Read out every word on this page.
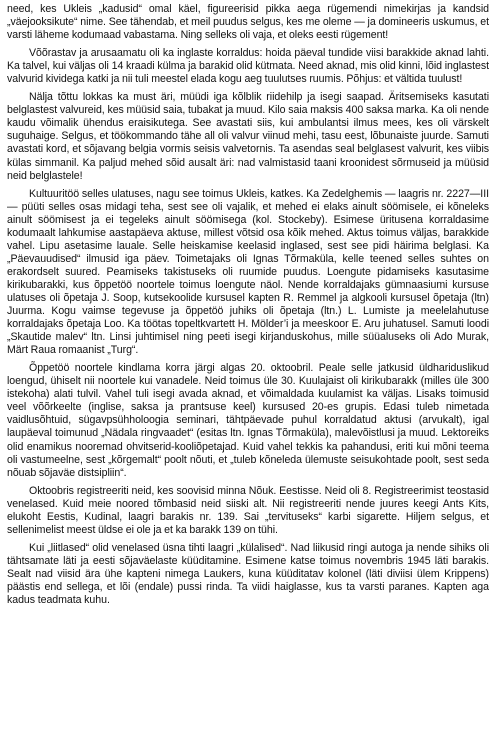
need, kes Ukleis „kadusid“ omal käel, figureerisid pikka aega rügemendi nimekirjas ja kandsid „väejooksikute“ nime. See tähendab, et meil puudus selgus, kes me oleme — ja domineeris uskumus, et varsti läheme kodumaad vabastama. Ning selleks oli vaja, et oleks eesti rügement!

Võõrastav ja arusaamatu oli ka inglaste korraldus: hoida päeval tundide viisi barakkide aknad lahti. Ka talvel, kui väljas oli 14 kraadi külma ja barakid olid kütmata. Need aknad, mis olid kinni, lõid inglastest valvurid kividega katki ja nii tuli meestel elada kogu aeg tuulutses ruumis. Põhjus: et vältida tuulust!

Nälja tõttu lokkas ka must äri, müüdi iga kõlblik riidehilp ja isegi saapad. Äritsemiseks kasutati belglastest valvureid, kes müüsid saia, tubakat ja muud. Kilo saia maksis 400 saksa marka. Ka oli nende kaudu võimalik ühendus eraisikutega. See avastati siis, kui ambulantsi ilmus mees, kes oli värskelt suguhaige. Selgus, et töökommando tähe all oli valvur viinud mehi, tasu eest, lõbunaiste juurde. Samuti avastati kord, et sõjavang belgia vormis seisis valvetornis. Ta asendas seal belglasest valvurit, kes viibis külas simmanil. Ka paljud mehed sõid ausalt äri: nad valmistasid taani kroonidest sõrmuseid ja müüsid neid belglastele!

Kultuuritöö selles ulatuses, nagu see toimus Ukleis, katkes. Ka Zedelghemis — laagris nr. 2227—III — püüti selles osas midagi teha, sest see oli vajalik, et mehed ei elaks ainult söömisele, ei kõneleks ainult söömisest ja ei tegeleks ainult söömisega (kol. Stockeby). Esimese üritusena korraldasime kodumaalt lahkumise aastapäeva aktuse, millest võtsid osa kõik mehed. Aktus toimus väljas, barakkide vahel. Lipu asetasime lauale. Selle heiskamise keelasid inglased, sest see pidi häirima belglasi. Ka „Päevauudised“ ilmusid iga päev. Toimetajaks oli Ignas Tõrmaküla, kelle teened selles suhtes on erakordselt suured. Peamiseks takistuseks oli ruumide puudus. Loengute pidamiseks kasutasime kirikubarakki, kus õppetöö noortele toimus loengute näol. Nende korraldajaks gümnaasiumi kursuse ulatuses oli õpetaja J. Soop, kutsekoolide kursusel kapten R. Remmel ja algkooli kursusel õpetaja (ltn) Juurma. Kogu vaimse tegevuse ja õppetöö juhiks oli õpetaja (ltn.) L. Lumiste ja meelelahutuse korraldajaks õpetaja Loo. Ka töötas topeltkvartett H. Mölder’i ja meeskoor E. Aru juhatusel. Samuti loodi „Skautide malev“ ltn. Linsi juhtimisel ning peeti isegi kirjanduskohus, mille süüaluseks oli Ado Murak, Märt Raua romaanist „Turg“.

Õppetöö noortele kindlama korra järgi algas 20. oktoobril. Peale selle jatkusid üldhariduslikud loengud, ühiselt nii noortele kui vanadele. Neid toimus üle 30. Kuulajaist oli kirikubarakk (milles üle 300 istekoha) alati tulvil. Vahel tuli isegi avada aknad, et võimaldada kuulamist ka väljas. Lisaks toimusid veel võõrkeelte (inglise, saksa ja prantsuse keel) kursused 20-es grupis. Edasi tuleb nimetada vaidlusõhtuid, sügavpsühholoogia seminari, tähtpäevade puhul korraldatud aktusi (arvukalt), igal laupäeval toimunud „Nädala ringvaadet“ (esitas ltn. Ignas Tõrmaküla), malevõistlusi ja muud. Lektoreiks olid enamikus nooremad ohvitserid-kooliõpetajad. Kuid vahel tekkis ka pahandusi, eriti kui mõni teema oli vastumeelne, sest „kõrgemalt“ poolt nõuti, et „tuleb kõneleda ülemuste seisukohtade poolt, sest seda nõuab sõjaväe distsipliin“.

Oktoobris registreeriti neid, kes soovisid minna Nõuk. Eestisse. Neid oli 8. Registreerimist teostasid venelased. Kuid meie noored tõmbasid neid siiski alt. Nii registreeriti nende juures keegi Ants Kits, elukoht Eestis, Kudinal, laagri barakis nr. 139. Sai „tervituseks“ karbi sigarette. Hiljem selgus, et sellenimelist meest üldse ei ole ja et ka barakk 139 on tühi.

Kui „liitlased“ olid venelased üsna tihti laagri „külalised“. Nad liikusid ringi autoga ja nende sihiks oli tähtsamate läti ja eesti sõjaväelaste küüditamine. Esimene katse toimus novembris 1945 läti barakis. Sealt nad viisid ära ühe kapteni nimega Laukers, kuna küüditatav kolonel (läti diviisi ülem Krippens) päästis end sellega, et lõi (endale) pussi rinda. Ta viidi haiglasse, kus ta varsti paranes. Kapten aga kadus teadmata kuhu.
